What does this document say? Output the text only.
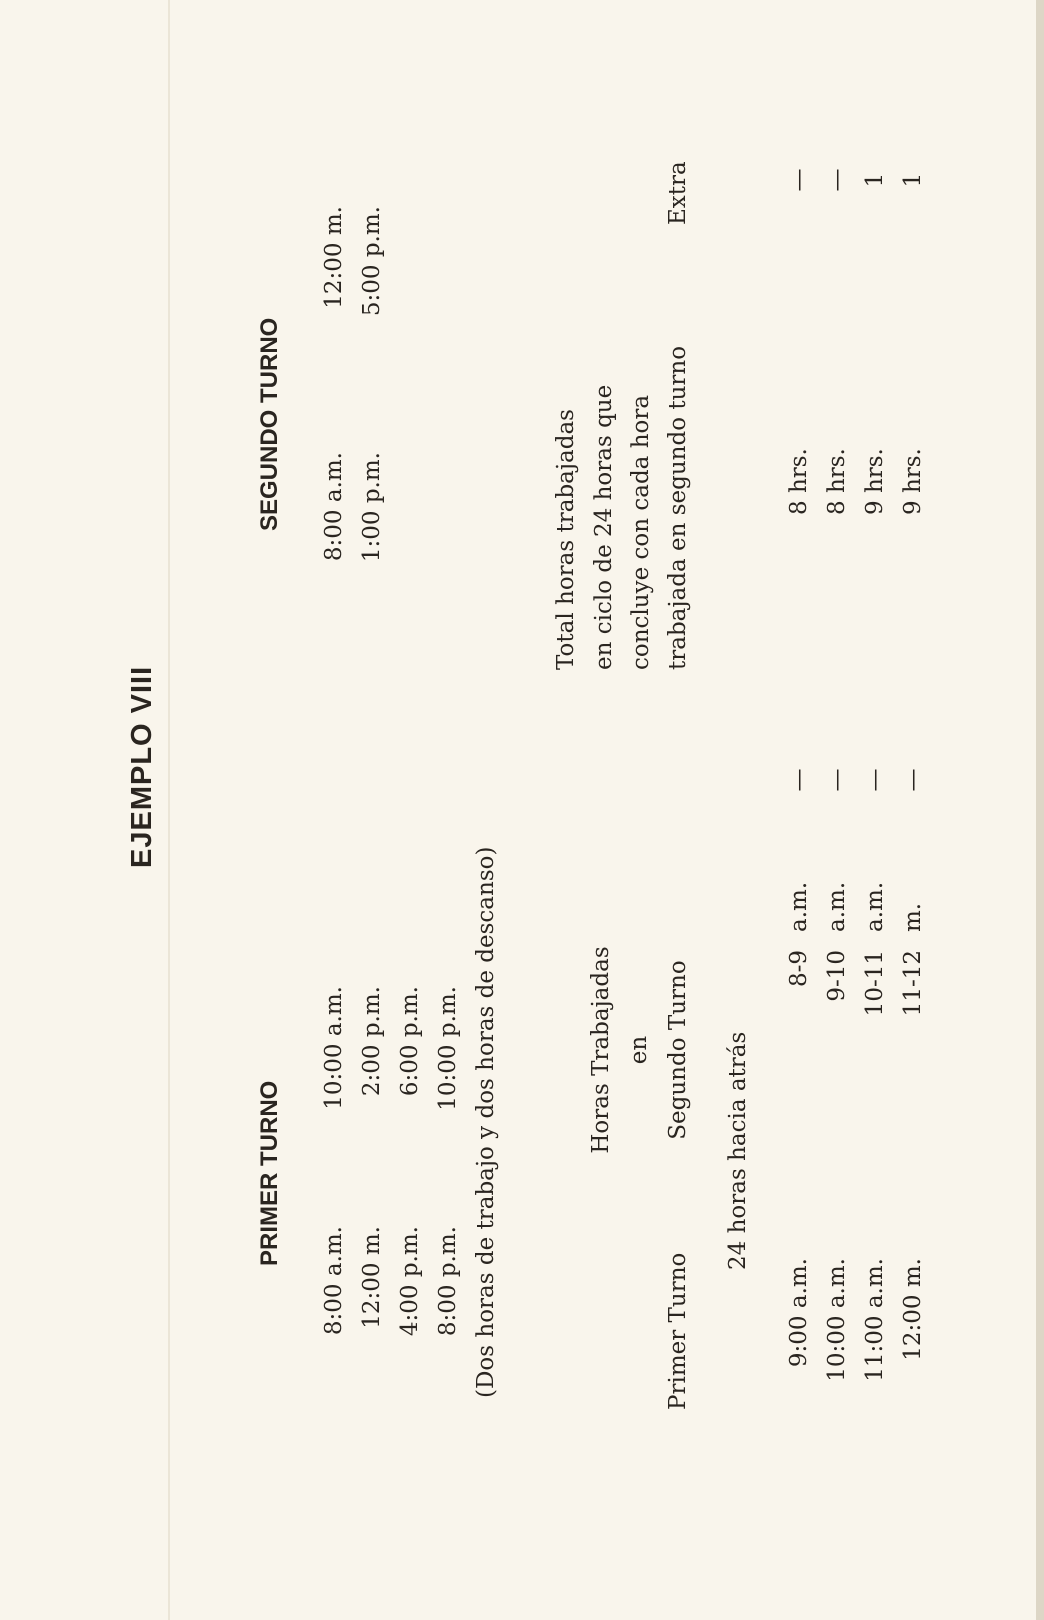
EJEMPLO VIII
PRIMER TURNO
8:00 a.m. 12:00 m. 4:00 p.m. 8:00 p.m.
10:00 a.m. 2:00 p.m. 6:00 p.m. 10:00 p.m. (Dos horas de trabajo y dos horas de descanso)
SEGUNDO TURNO 8:00 a.m. 1:00 p.m.
12:00 m. 5:00 p.m.
Horas Trabajadas en Segundo Turno
Total horas trabajadas en ciclo de 24 horas que concluye con cada hora trabajada en segundo turno
Primer Turno
Extra
24 horas hacia atrás
9:00 a.m. 10:00 a.m. 11:00 a.m. 12:00 m.
8-9 9-10 10-11 11-12
a.m. a.m. a.m. m.
— — — —
8 hrs. 8 hrs. 9 hrs. 9 hrs.
— — 1 1
